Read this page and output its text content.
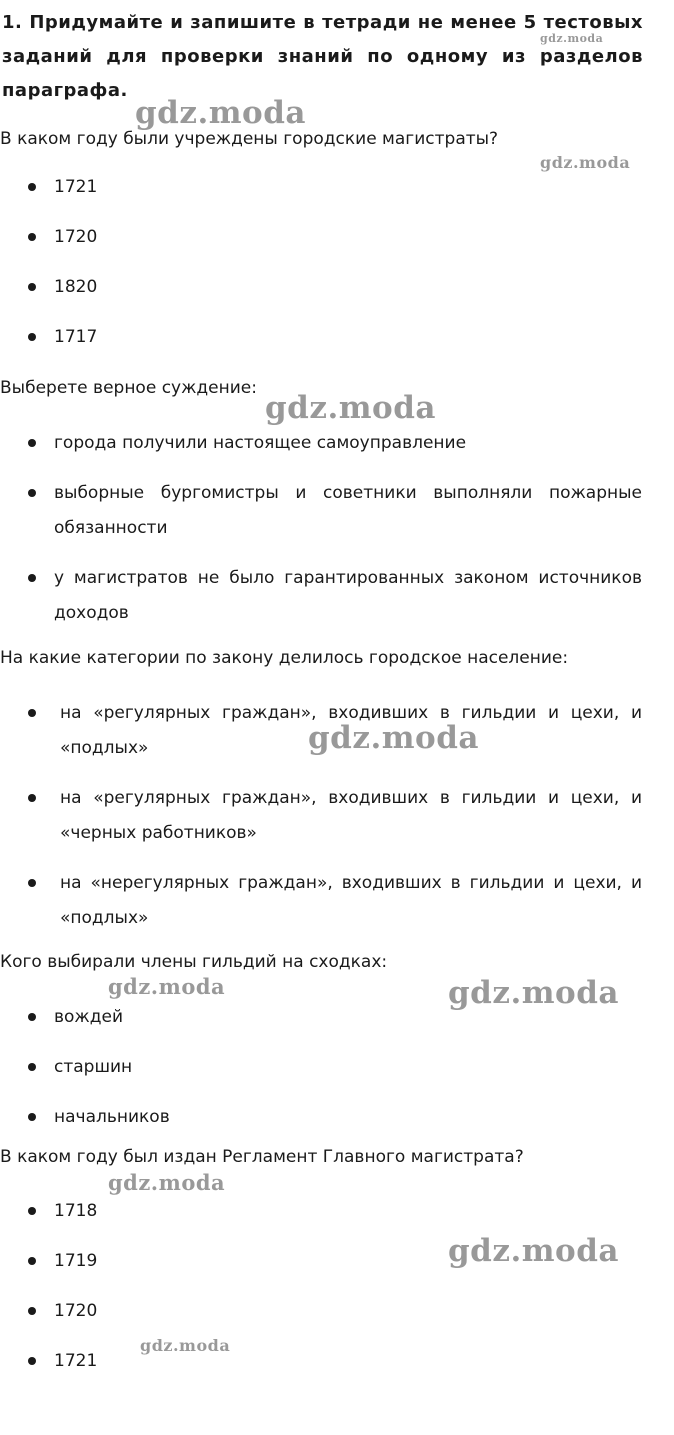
1. Придумайте и запишите в тетради не менее 5 тестовых заданий для проверки знаний по одному из разделов параграфа.

В каком году были учреждены городские магистраты?

1721
1720
1820
1717

Выберете верное суждение:

города получили настоящее самоуправление
выборные бургомистры и советники выполняли пожарные обязанности
у магистратов не было гарантированных законом источников доходов

На какие категории по закону делилось городское население:

на «регулярных граждан», входивших в гильдии и цехи, и «подлых»
на «регулярных граждан», входивших в гильдии и цехи, и «черных работников»
на «нерегулярных граждан», входивших в гильдии и цехи, и «подлых»

Кого выбирали члены гильдий на сходках:

вождей
старшин
начальников

В каком году был издан Регламент Главного магистрата?

1718
1719
1720
1721
gdz.moda
gdz.moda
gdz.moda
gdz.moda
gdz.moda
gdz.moda	gdz.moda
gdz.moda
gdz.moda
gdz.moda
